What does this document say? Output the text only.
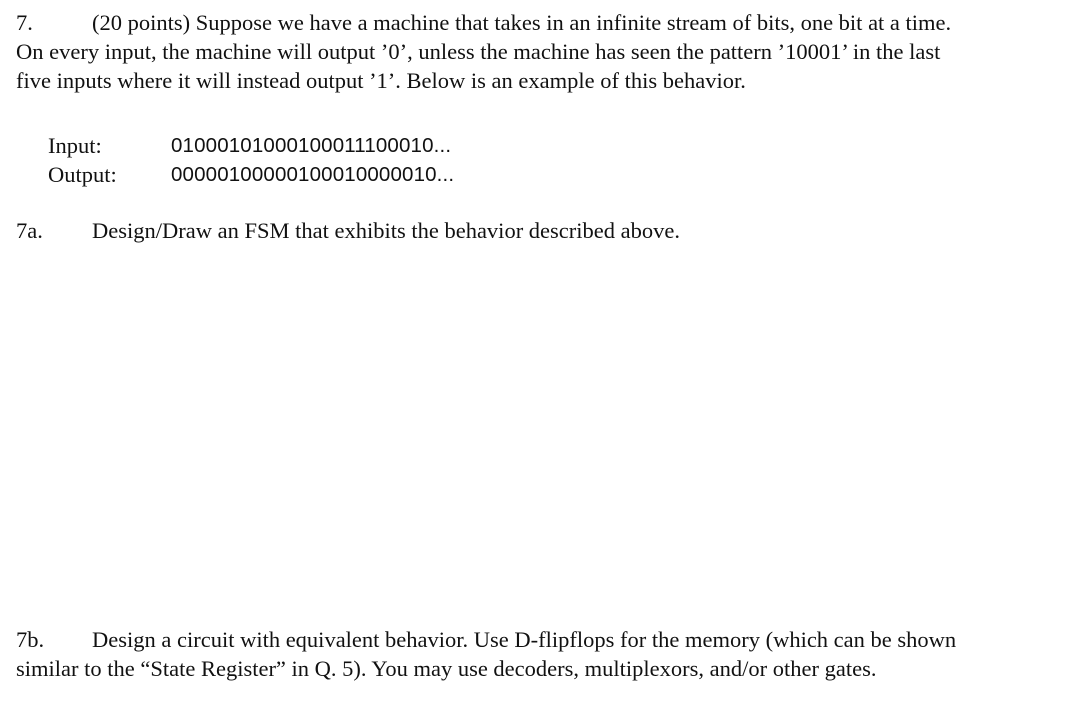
7.	(20 points) Suppose we have a machine that takes in an infinite stream of bits, one bit at a time.
On every input, the machine will output ’0’, unless the machine has seen the pattern ’10001’ in the last
five inputs where it will instead output ’1’. Below is an example of this behavior.

Input:	0100010100010001110001​0...
Output:	0000010000010001000001​0...

7a. Design/Draw an FSM that exhibits the behavior described above.

7b. Design a circuit with equivalent behavior. Use D-flipflops for the memory (which can be shown
similar to the “State Register” in Q. 5). You may use decoders, multiplexors, and/or other gates.
